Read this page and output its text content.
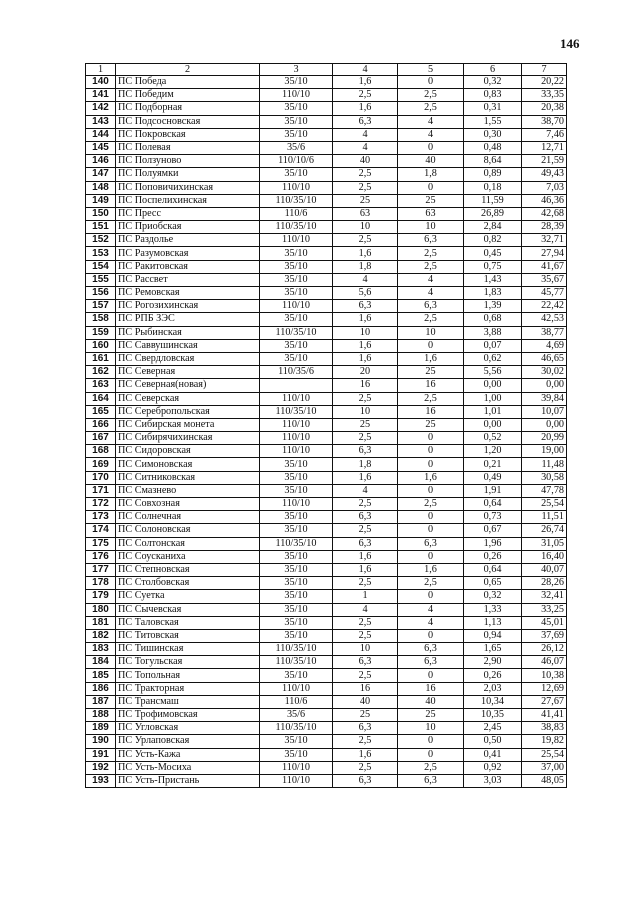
146
1	2	3	4	5	6	7
140	ПС Победа	35/10	1,6	0	0,32	20,22
141	ПС Победим	110/10	2,5	2,5	0,83	33,35
142	ПС Подборная	35/10	1,6	2,5	0,31	20,38
143	ПС Подсосновская	35/10	6,3	4	1,55	38,70
144	ПС Покровская	35/10	4	4	0,30	7,46
145	ПС Полевая	35/6	4	0	0,48	12,71
146	ПС Ползуново	110/10/6	40	40	8,64	21,59
147	ПС Полуямки	35/10	2,5	1,8	0,89	49,43
148	ПС Поповичихинская	110/10	2,5	0	0,18	7,03
149	ПС Поспелихинская	110/35/10	25	25	11,59	46,36
150	ПС Пресс	110/6	63	63	26,89	42,68
151	ПС Приобская	110/35/10	10	10	2,84	28,39
152	ПС Раздолье	110/10	2,5	6,3	0,82	32,71
153	ПС Разумовская	35/10	1,6	2,5	0,45	27,94
154	ПС Ракитовская	35/10	1,8	2,5	0,75	41,67
155	ПС Рассвет	35/10	4	4	1,43	35,67
156	ПС Ремовская	35/10	5,6	4	1,83	45,77
157	ПС Рогозихинская	110/10	6,3	6,3	1,39	22,42
158	ПС РПБ ЗЭС	35/10	1,6	2,5	0,68	42,53
159	ПС Рыбинская	110/35/10	10	10	3,88	38,77
160	ПС Саввушинская	35/10	1,6	0	0,07	4,69
161	ПС Свердловская	35/10	1,6	1,6	0,62	46,65
162	ПС Северная	110/35/6	20	25	5,56	30,02
163	ПС Северная(новая)		16	16	0,00	0,00
164	ПС Северская	110/10	2,5	2,5	1,00	39,84
165	ПС Серебропольская	110/35/10	10	16	1,01	10,07
166	ПС Сибирская монета	110/10	25	25	0,00	0,00
167	ПС Сибирячихинская	110/10	2,5	0	0,52	20,99
168	ПС Сидоровская	110/10	6,3	0	1,20	19,00
169	ПС Симоновская	35/10	1,8	0	0,21	11,48
170	ПС Ситниковская	35/10	1,6	1,6	0,49	30,58
171	ПС Смазнево	35/10	4	0	1,91	47,78
172	ПС Совхозная	110/10	2,5	2,5	0,64	25,54
173	ПС Солнечная	35/10	6,3	0	0,73	11,51
174	ПС Солоновская	35/10	2,5	0	0,67	26,74
175	ПС Солтонская	110/35/10	6,3	6,3	1,96	31,05
176	ПС Соусканиха	35/10	1,6	0	0,26	16,40
177	ПС Степновская	35/10	1,6	1,6	0,64	40,07
178	ПС Столбовская	35/10	2,5	2,5	0,65	28,26
179	ПС Суетка	35/10	1	0	0,32	32,41
180	ПС Сычевская	35/10	4	4	1,33	33,25
181	ПС Таловская	35/10	2,5	4	1,13	45,01
182	ПС Титовская	35/10	2,5	0	0,94	37,69
183	ПС Тишинская	110/35/10	10	6,3	1,65	26,12
184	ПС Тогульская	110/35/10	6,3	6,3	2,90	46,07
185	ПС Топольная	35/10	2,5	0	0,26	10,38
186	ПС Тракторная	110/10	16	16	2,03	12,69
187	ПС Трансмаш	110/6	40	40	10,34	27,67
188	ПС Трофимовская	35/6	25	25	10,35	41,41
189	ПС Угловская	110/35/10	6,3	10	2,45	38,83
190	ПС Урлаповская	35/10	2,5	0	0,50	19,82
191	ПС Усть-Кажа	35/10	1,6	0	0,41	25,54
192	ПС Усть-Мосиха	110/10	2,5	2,5	0,92	37,00
193	ПС Усть-Пристань	110/10	6,3	6,3	3,03	48,05
